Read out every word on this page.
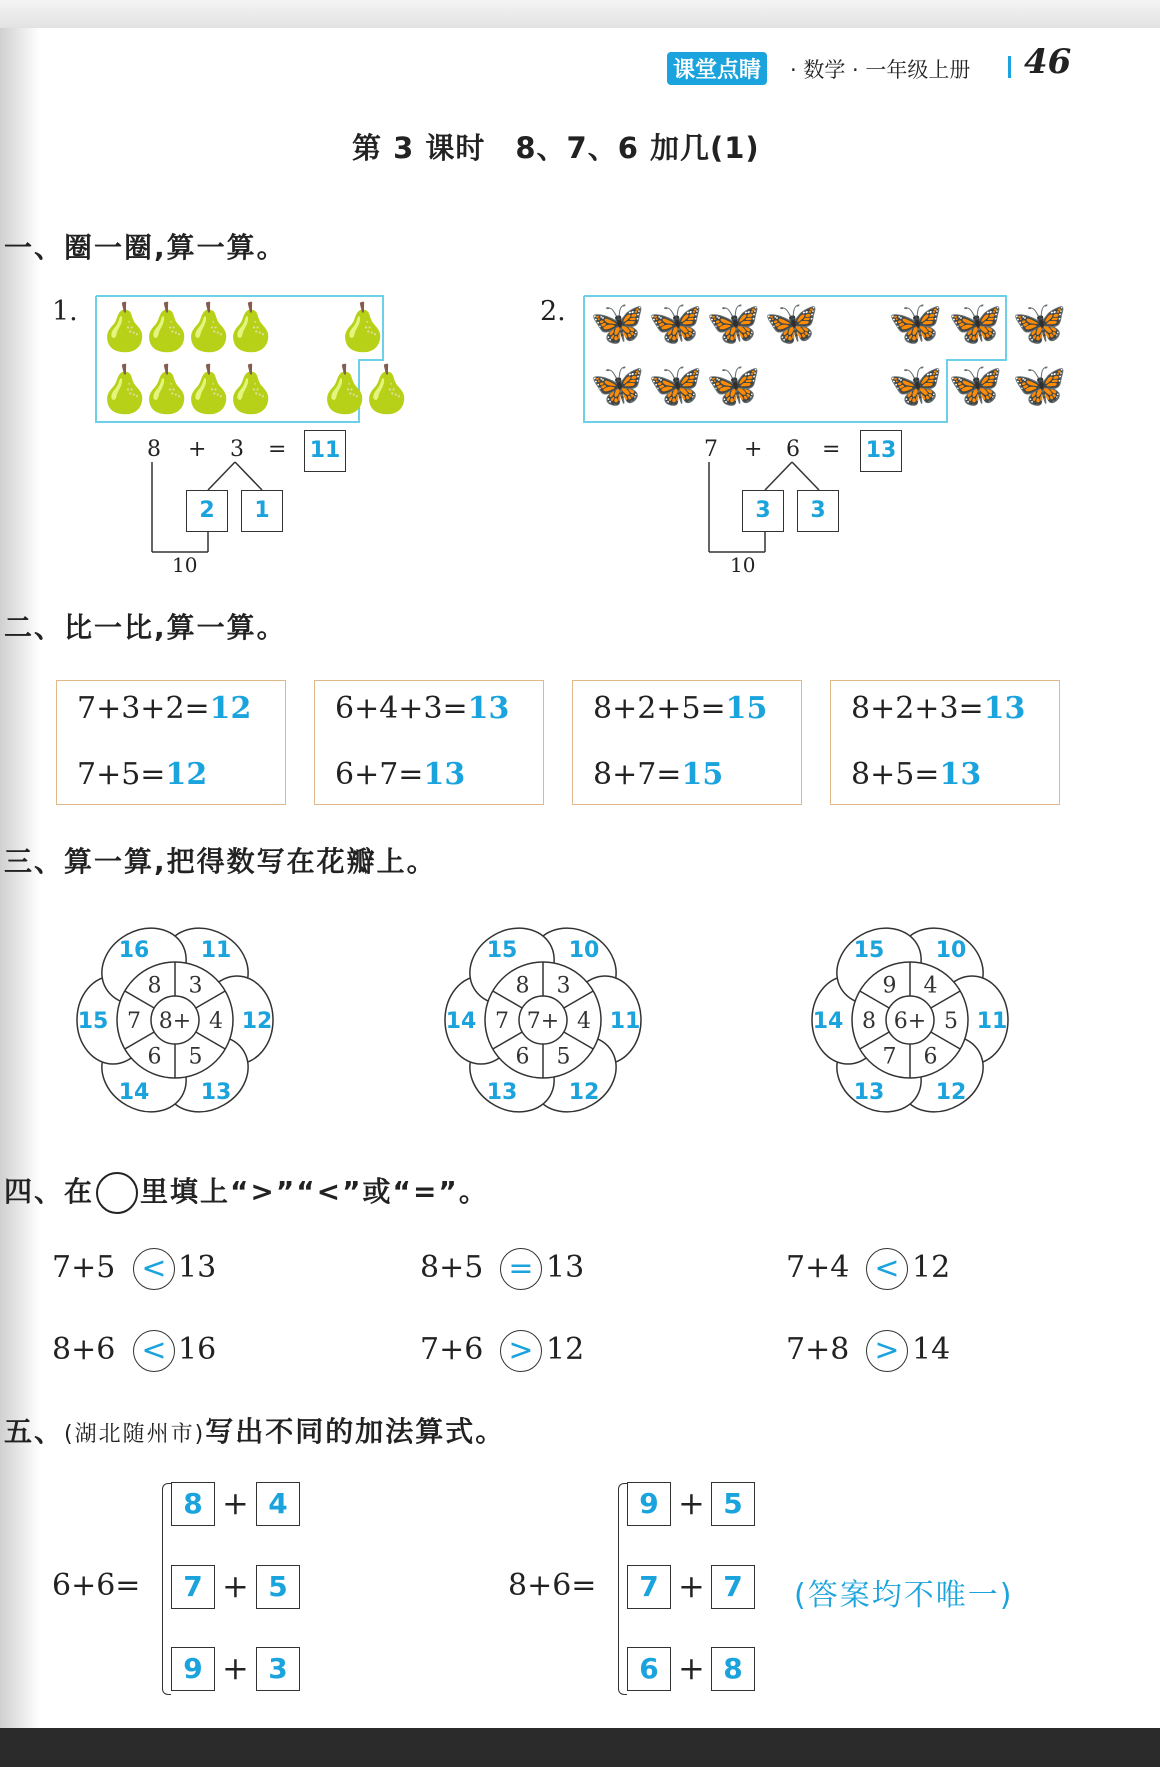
课堂点睛 · 数学 · 一年级上册 46
第 3 课时　8、7、6 加几(1)
一、圈一圈,算一算。
1. 🍐
🍐
🍐
🍐 🍐
🍐
🍐
🍐
🍐 🍐
🍐
8 + 3 = 11
2	1
10
2. 🦋 🦋 🦋 🦋 🦋 🦋 🦋
🦋 🦋 🦋	🦋 🦋 🦋
7 + 6 = 13
3	3
10
二、比一比,算一算。
7+3+2=12
7+5=12
6+4+3=13
6+7=13
8+2+5=15
8+7=15
8+2+3=13
8+5=13
三、算一算,把得数写在花瓣上。
8+
3
4
5
6
7
8
11
12
13
14
15
16
7+
3
4
5
6
7
8
10
11
12
13
14
15
6+
4
5
6
7
8
9
10
11
12
13
14
15
四、在 里填上“>”“<”或“=”。
7+5 < 13	8+5 = 13	7+4 < 12
8+6 < 16	7+6 > 12	7+8 > 14
五、(湖北随州市)写出不同的加法算式。
6+6=
8 + 4
7 + 5
9 + 3
8+6=
9 + 5
7 + 7
6 + 8
(答案均不唯一)
